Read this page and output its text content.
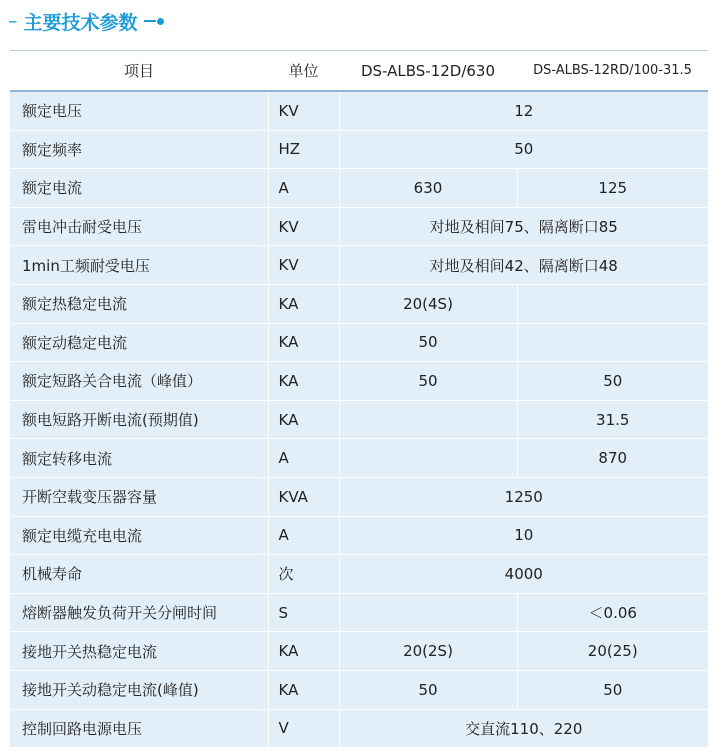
– 主要技术参数
项目	单位	DS-ALBS-12D/630	DS-ALBS-12RD/100-31.5
额定电压	KV	12	
额定频率	HZ	50	
额定电流	A	630	125
雷电冲击耐受电压	KV	对地及相间75、隔离断口85	
1min工频耐受电压	KV	对地及相间42、隔离断口48	
额定热稳定电流	KA	20(4S)	
额定动稳定电流	KA	50	
额定短路关合电流（峰值）	KA	50	50
额电短路开断电流(预期值)	KA		31.5
额定转移电流	A		870
开断空载变压器容量	KVA	1250	
额定电缆充电电流	A	10	
机械寿命	次	4000	
熔断器触发负荷开关分闸时间	S		＜0.06
接地开关热稳定电流	KA	20(2S)	20(25)
接地开关动稳定电流(峰值)	KA	50	50
控制回路电源电压	V	交直流110、220	
